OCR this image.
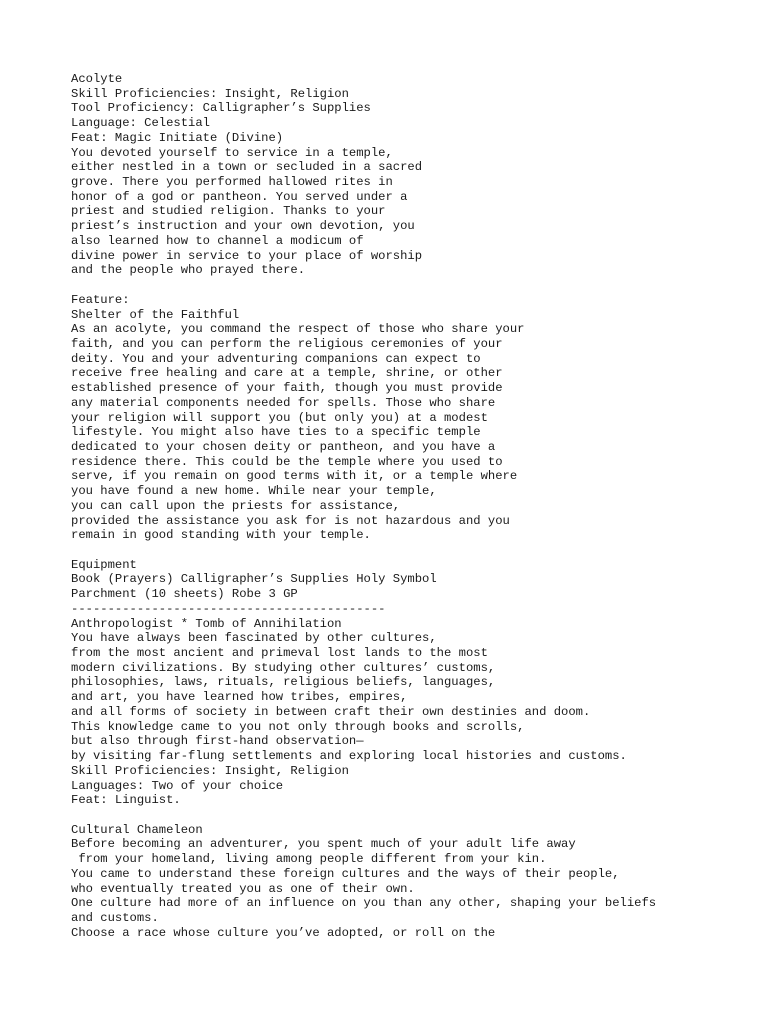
Acolyte
Skill Proficiencies: Insight, Religion
Tool Proficiency: Calligrapher’s Supplies
Language: Celestial
Feat: Magic Initiate (Divine)
You devoted yourself to service in a temple,
either nestled in a town or secluded in a sacred
grove. There you performed hallowed rites in
honor of a god or pantheon. You served under a
priest and studied religion. Thanks to your
priest’s instruction and your own devotion, you
also learned how to channel a modicum of
divine power in service to your place of worship
and the people who prayed there.
Feature:
Shelter of the Faithful
As an acolyte, you command the respect of those who share your
faith, and you can perform the religious ceremonies of your
deity. You and your adventuring companions can expect to
receive free healing and care at a temple, shrine, or other
established presence of your faith, though you must provide
any material components needed for spells. Those who share
your religion will support you (but only you) at a modest
lifestyle. You might also have ties to a specific temple
dedicated to your chosen deity or pantheon, and you have a
residence there. This could be the temple where you used to
serve, if you remain on good terms with it, or a temple where
you have found a new home. While near your temple,
you can call upon the priests for assistance,
provided the assistance you ask for is not hazardous and you
remain in good standing with your temple.
Equipment
Book (Prayers) Calligrapher’s Supplies Holy Symbol
Parchment (10 sheets) Robe 3 GP
-------------------------------------------
Anthropologist * Tomb of Annihilation
You have always been fascinated by other cultures,
from the most ancient and primeval lost lands to the most
modern civilizations. By studying other cultures’ customs,
philosophies, laws, rituals, religious beliefs, languages,
and art, you have learned how tribes, empires,
and all forms of society in between craft their own destinies and doom.
This knowledge came to you not only through books and scrolls,
but also through first-hand observation—
by visiting far-flung settlements and exploring local histories and customs.
Skill Proficiencies: Insight, Religion
Languages: Two of your choice
Feat: Linguist.
Cultural Chameleon
Before becoming an adventurer, you spent much of your adult life away
from your homeland, living among people different from your kin.
You came to understand these foreign cultures and the ways of their people,
who eventually treated you as one of their own.
One culture had more of an influence on you than any other, shaping your beliefs
and customs.
Choose a race whose culture you’ve adopted, or roll on the
